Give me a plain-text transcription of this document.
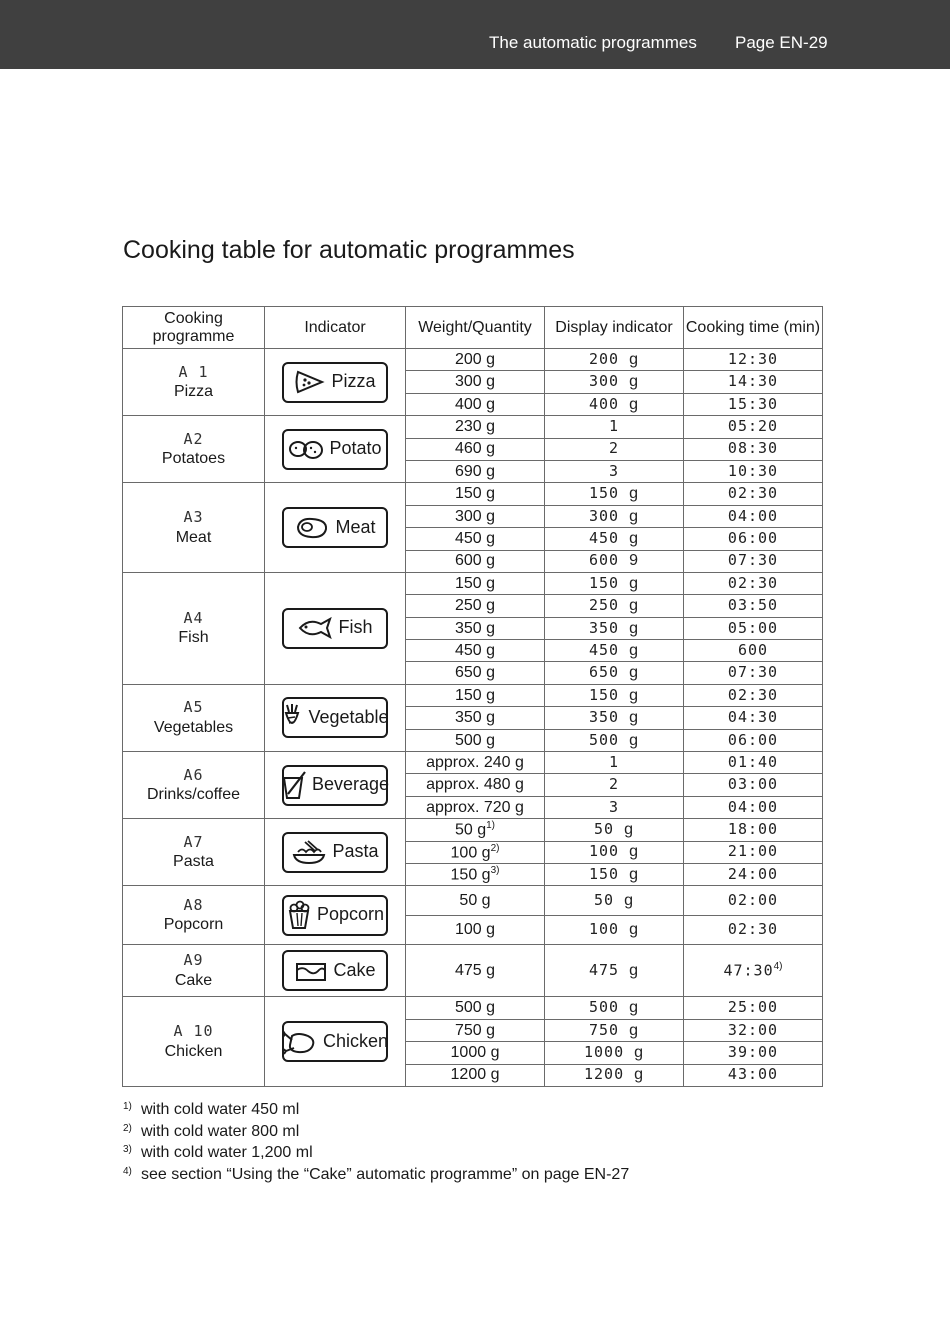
The automatic programmes Page EN-29
Cooking table for automatic programmes
Cooking programme	Indicator	Weight/Quantity	Display indicator	Cooking time (min)

A 1
Pizza	Pizza	200 g	200 g	12:30
		300 g	300 g	14:30
		400 g	400 g	15:30

A2
Potatoes	Potato	230 g	1	05:20
		460 g	2	08:30
		690 g	3	10:30

A3
Meat	Meat	150 g	150 g	02:30
		300 g	300 g	04:00
		450 g	450 g	06:00
		600 g	600 9	07:30

A4
Fish	Fish	150 g	150 g	02:30
		250 g	250 g	03:50
		350 g	350 g	05:00
		450 g	450 g	600
		650 g	650 g	07:30

A5
Vegetables	Vegetable	150 g	150 g	02:30
		350 g	350 g	04:30
		500 g	500 g	06:00

A6
Drinks/coffee	Beverage	approx. 240 g	1	01:40
		approx. 480 g	2	03:00
		approx. 720 g	3	04:00

A7
Pasta	Pasta	50 $g^{1)}$	50 g	18:00
		100 $g^{2)}$	100 g	21:00
		150 $g^{3)}$	150 g	24:00

A8
Popcorn	Popcorn	50 g	50 g	02:00
		100 g	100 g	02:30

A9
Cake	Cake	475 g	475 g	47:30$^{4)}$

A 10
Chicken	Chicken	500 g	500 g	25:00
		750 g	750 g	32:00
		1000 g	1000 g	39:00
		1200 g	1200 g	43:00
1) with cold water 450 ml
2) with cold water 800 ml
3) with cold water 1,200 ml
4) see section “Using the “Cake” automatic programme” on page EN-27
